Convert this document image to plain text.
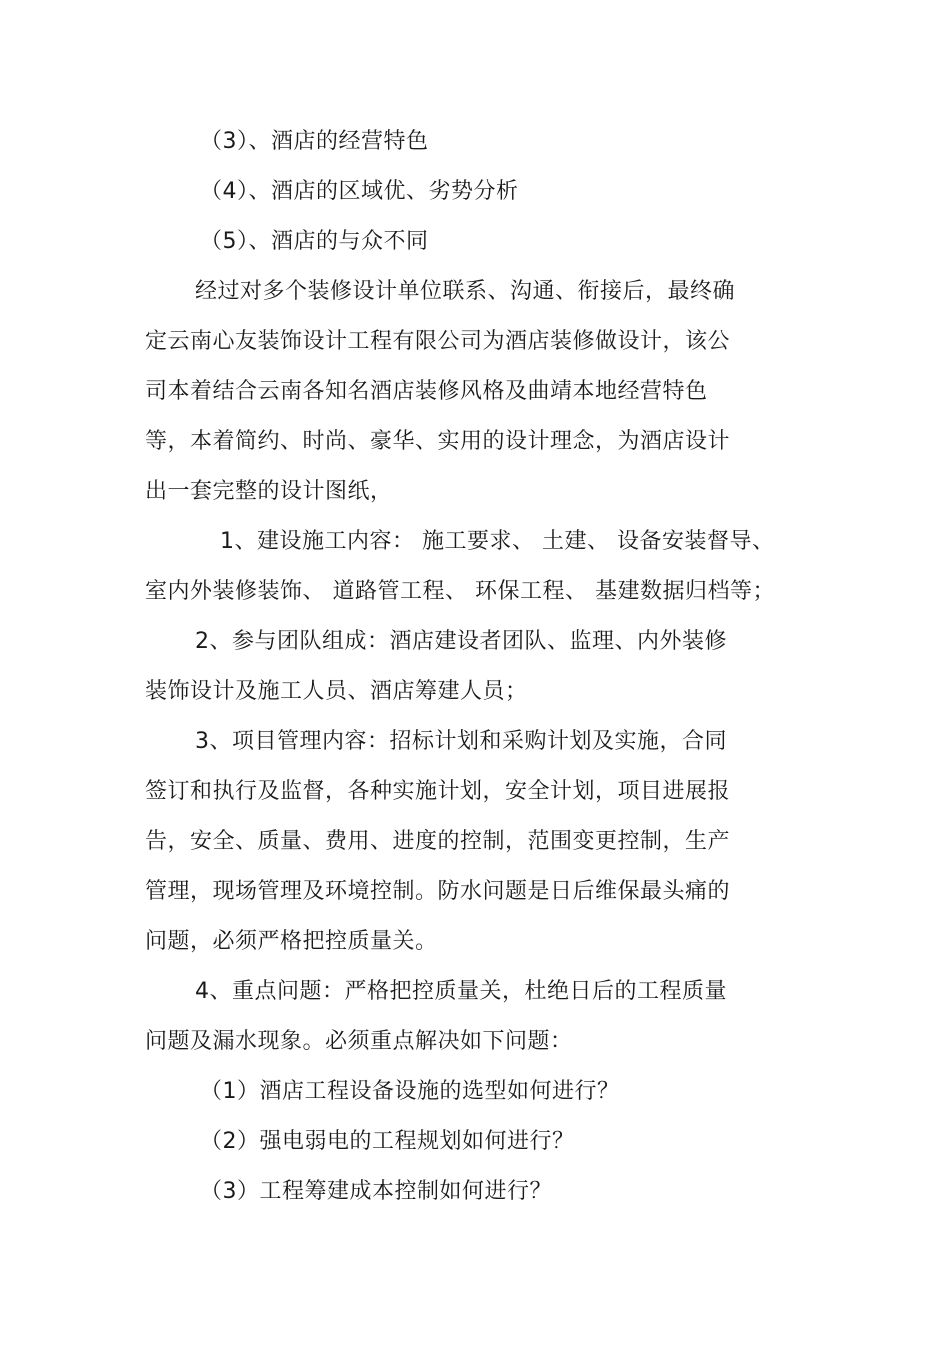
（3）、酒店的经营特色
（4）、酒店的区域优、劣势分析
（5）、酒店的与众不同
经过对多个装修设计单位联系、沟通、衔接后，最终确
定云南心友装饰设计工程有限公司为酒店装修做设计，该公
司本着结合云南各知名酒店装修风格及曲靖本地经营特色
等，本着简约、时尚、豪华、实用的设计理念，为酒店设计
出一套完整的设计图纸，
1、建设施工内容： 施工要求、 土建、 设备安装督导、
室内外装修装饰、 道路管工程、 环保工程、 基建数据归档等；
2、参与团队组成：酒店建设者团队、监理、内外装修
装饰设计及施工人员、酒店筹建人员；
3、项目管理内容：招标计划和采购计划及实施，合同
签订和执行及监督，各种实施计划，安全计划，项目进展报
告，安全、质量、费用、进度的控制，范围变更控制，生产
管理，现场管理及环境控制。防水问题是日后维保最头痛的
问题，必须严格把控质量关。
4、重点问题：严格把控质量关，杜绝日后的工程质量
问题及漏水现象。必须重点解决如下问题：
（1）酒店工程设备设施的选型如何进行？
（2）强电弱电的工程规划如何进行？
（3）工程筹建成本控制如何进行？
